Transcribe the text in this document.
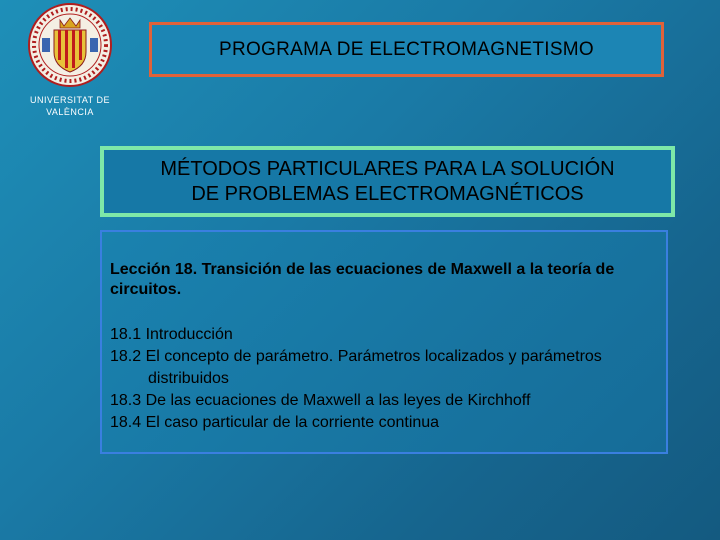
UNIVERSITAT DE
VALÈNCIA
PROGRAMA DE ELECTROMAGNETISMO
MÉTODOS PARTICULARES PARA LA SOLUCIÓN
DE PROBLEMAS ELECTROMAGNÉTICOS

Lección 18. Transición de las ecuaciones de Maxwell a la teoría de circuitos.

18.1 Introducción
18.2 El concepto de parámetro. Parámetros localizados y parámetros distribuidos
18.3 De las ecuaciones de Maxwell a las leyes de Kirchhoff
18.4 El caso particular de la corriente continua
